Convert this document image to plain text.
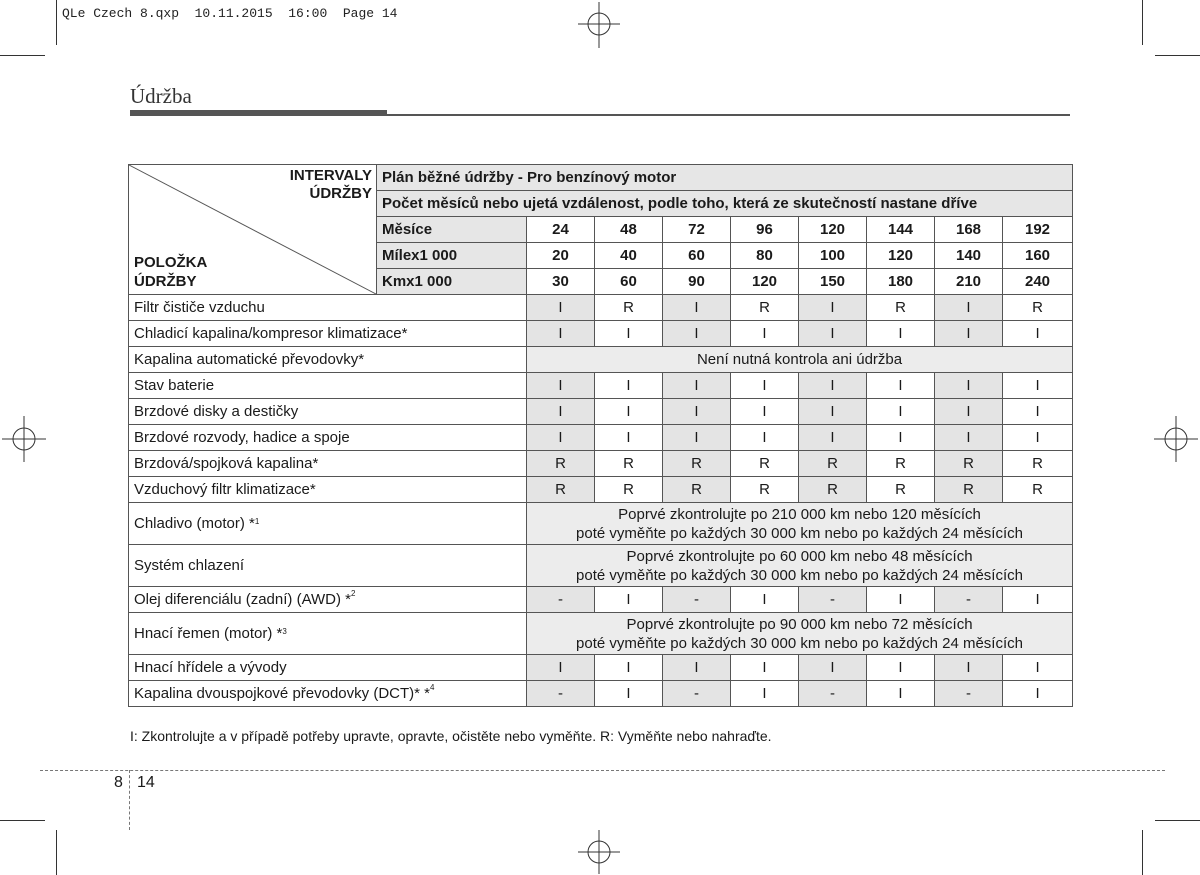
QLe Czech 8.qxp  10.11.2015  16:00  Page 14
Údržba
INTERVALY
ÚDRŽBY
POLOŽKA
ÚDRŽBY	Plán běžné údržby - Pro benzínový motor								
	Počet měsíců nebo ujetá vzdálenost, podle toho, která ze skutečností nastane dříve								
	Měsíce	24	48	72	96	120	144	168	192
	Mílex1 000	20	40	60	80	100	120	140	160
	Kmx1 000	30	60	90	120	150	180	210	240
Filtr čističe vzduchu		I	R	I	R	I	R	I	R
Chladicí kapalina/kompresor klimatizace*		I	I	I	I	I	I	I	I
Kapalina automatické převodovky*		Není nutná kontrola ani údržba							

Stav baterie		I	I	I	I	I	I	I	I
Brzdové disky a destičky		I	I	I	I	I	I	I	I
Brzdové rozvody, hadice a spoje		I	I	I	I	I	I	I	I
Brzdová/spojková kapalina*		R	R	R	R	R	R	R	R
Vzduchový filtr klimatizace*		R	R	R	R	R	R	R	R
Chladivo (motor) *$^1$		Poprvé zkontrolujte po 210 000 km nebo 120 měsících
poté vyměňte po každých 30 000 km nebo po každých 24 měsících							

Systém chlazení		Poprvé zkontrolujte po 60 000 km nebo 48 měsících
poté vyměňte po každých 30 000 km nebo po každých 24 měsících							

Olej diferenciálu (zadní) (AWD) *$^2$		-	I	-	I	-	I	-	I
Hnací řemen (motor) *$^3$		Poprvé zkontrolujte po 90 000 km nebo 72 měsících
poté vyměňte po každých 30 000 km nebo po každých 24 měsících							

Hnací hřídele a vývody		I	I	I	I	I	I	I	I
Kapalina dvouspojkové převodovky (DCT)* *$^4$		-	I	-	I	-	I	-	I
I: Zkontrolujte a v případě potřeby upravte, opravte, očistěte nebo vyměňte. R: Vyměňte nebo nahraďte.
8 14
